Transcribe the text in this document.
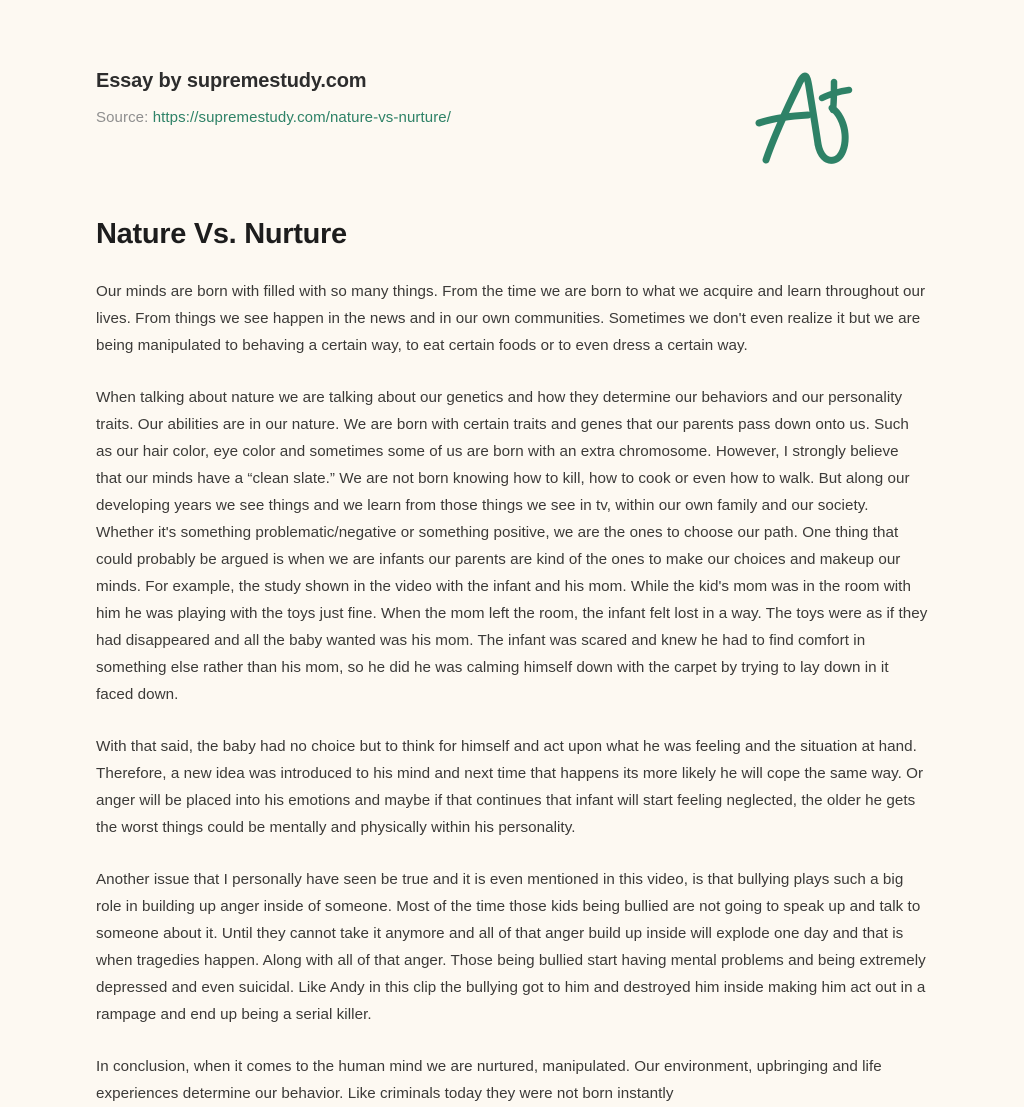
Essay by supremestudy.com
Source: https://supremestudy.com/nature-vs-nurture/
Nature Vs. Nurture

Our minds are born with filled with so many things. From the time we are born to what we acquire and learn throughout our lives. From things we see happen in the news and in our own communities. Sometimes we don't even realize it but we are being manipulated to behaving a certain way, to eat certain foods or to even dress a certain way.

When talking about nature we are talking about our genetics and how they determine our behaviors and our personality traits. Our abilities are in our nature. We are born with certain traits and genes that our parents pass down onto us. Such as our hair color, eye color and sometimes some of us are born with an extra chromosome. However, I strongly believe that our minds have a “clean slate.” We are not born knowing how to kill, how to cook or even how to walk. But along our developing years we see things and we learn from those things we see in tv, within our own family and our society. Whether it's something problematic/negative or something positive, we are the ones to choose our path. One thing that could probably be argued is when we are infants our parents are kind of the ones to make our choices and makeup our minds. For example, the study shown in the video with the infant and his mom. While the kid's mom was in the room with him he was playing with the toys just fine. When the mom left the room, the infant felt lost in a way. The toys were as if they had disappeared and all the baby wanted was his mom. The infant was scared and knew he had to find comfort in something else rather than his mom, so he did he was calming himself down with the carpet by trying to lay down in it faced down.

With that said, the baby had no choice but to think for himself and act upon what he was feeling and the situation at hand. Therefore, a new idea was introduced to his mind and next time that happens its more likely he will cope the same way. Or anger will be placed into his emotions and maybe if that continues that infant will start feeling neglected, the older he gets the worst things could be mentally and physically within his personality.

Another issue that I personally have seen be true and it is even mentioned in this video, is that bullying plays such a big role in building up anger inside of someone. Most of the time those kids being bullied are not going to speak up and talk to someone about it. Until they cannot take it anymore and all of that anger build up inside will explode one day and that is when tragedies happen. Along with all of that anger. Those being bullied start having mental problems and being extremely depressed and even suicidal. Like Andy in this clip the bullying got to him and destroyed him inside making him act out in a rampage and end up being a serial killer.

In conclusion, when it comes to the human mind we are nurtured, manipulated. Our environment, upbringing and life experiences determine our behavior. Like criminals today they were not born instantly
